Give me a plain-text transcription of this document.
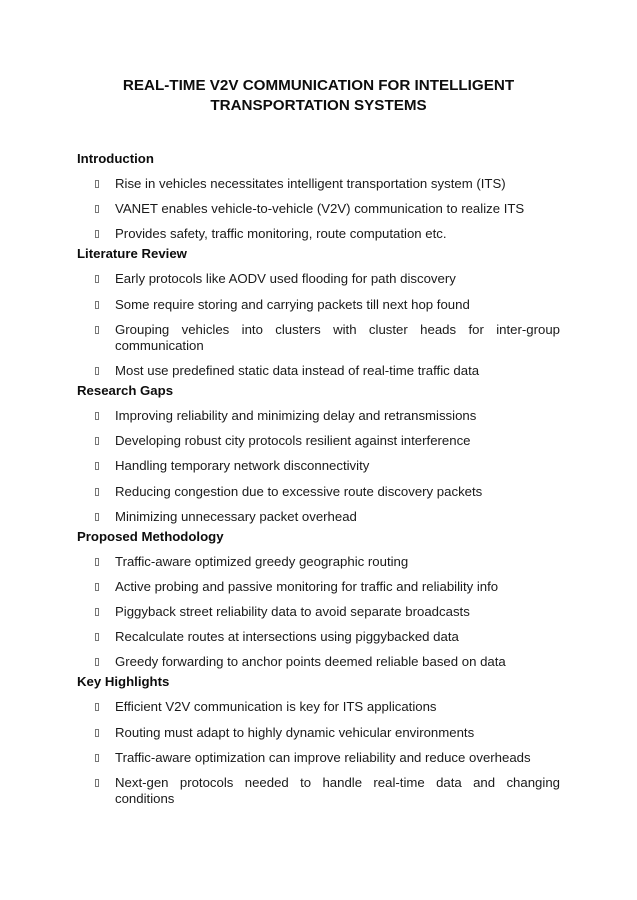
REAL-TIME V2V COMMUNICATION FOR INTELLIGENT
TRANSPORTATION SYSTEMS
Introduction
Rise in vehicles necessitates intelligent transportation system (ITS)
VANET enables vehicle-to-vehicle (V2V) communication to realize ITS
Provides safety, traffic monitoring, route computation etc.
Literature Review
Early protocols like AODV used flooding for path discovery
Some require storing and carrying packets till next hop found
Grouping vehicles into clusters with cluster heads for inter-group communication
Most use predefined static data instead of real-time traffic data
Research Gaps
Improving reliability and minimizing delay and retransmissions
Developing robust city protocols resilient against interference
Handling temporary network disconnectivity
Reducing congestion due to excessive route discovery packets
Minimizing unnecessary packet overhead
Proposed Methodology
Traffic-aware optimized greedy geographic routing
Active probing and passive monitoring for traffic and reliability info
Piggyback street reliability data to avoid separate broadcasts
Recalculate routes at intersections using piggybacked data
Greedy forwarding to anchor points deemed reliable based on data
Key Highlights
Efficient V2V communication is key for ITS applications
Routing must adapt to highly dynamic vehicular environments
Traffic-aware optimization can improve reliability and reduce overheads
Next-gen protocols needed to handle real-time data and changing conditions
